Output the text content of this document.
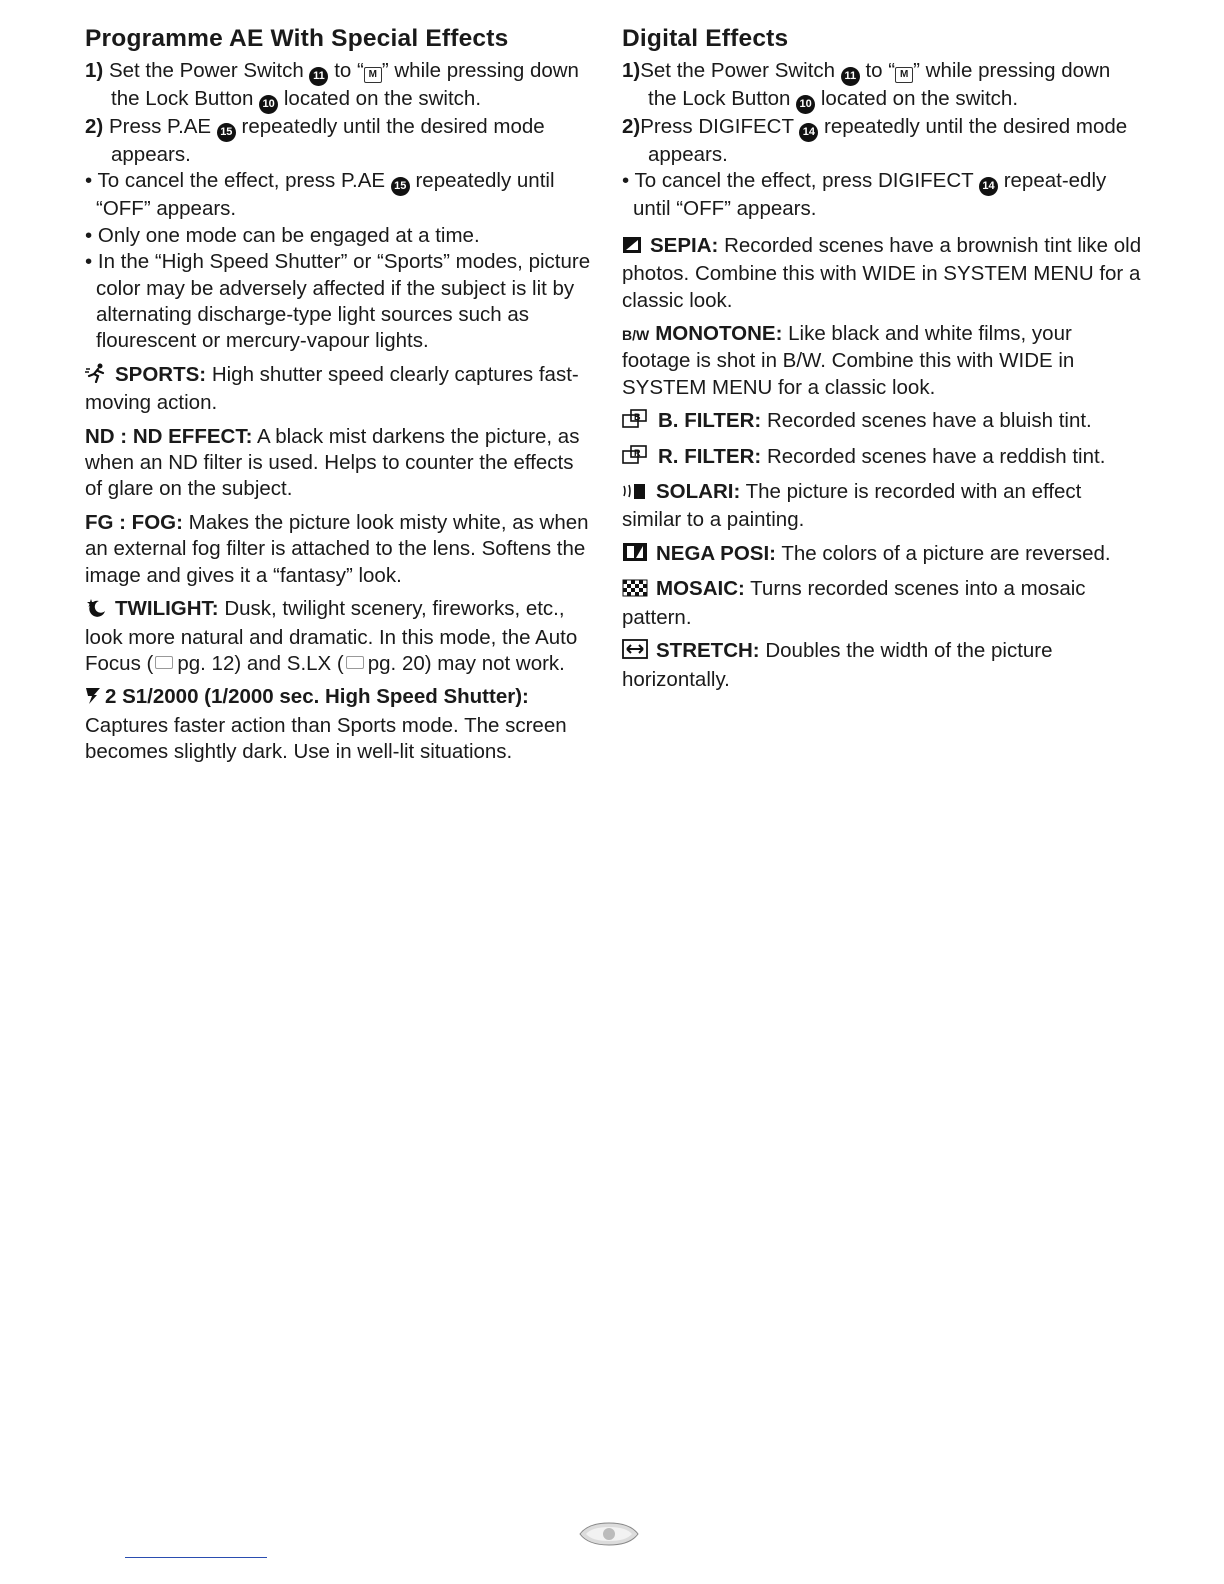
Programme AE With Special Effects

1) Set the Power Switch 11 to “ M ” while pressing down the Lock Button 10 located on the switch.

2) Press P.AE 15 repeatedly until the desired mode appears.

• To cancel the effect, press P.AE 15 repeatedly until “OFF” appears.

• Only one mode can be engaged at a time.

• In the “High Speed Shutter” or “Sports” modes, picture color may be adversely affected if the subject is lit by alternating discharge-type light sources such as flourescent or mercury-vapour lights.

SPORTS: High shutter speed clearly captures fast-moving action.

ND : ND EFFECT: A black mist darkens the picture, as when an ND filter is used. Helps to counter the effects of glare on the subject.

FG : FOG: Makes the picture look misty white, as when an external fog filter is attached to the lens. Softens the image and gives it a “fantasy” look.

TWILIGHT: Dusk, twilight scenery, fireworks, etc., look more natural and dramatic. In this mode, the Auto Focus ( pg. 12) and S.LX ( pg. 20) may not work.

2 S1/2000 (1/2000 sec. High Speed Shutter): Captures faster action than Sports mode. The screen becomes slightly dark. Use in well-lit situations.

Digital Effects

1)Set the Power Switch 11 to “ M ” while pressing down the Lock Button 10 located on the switch.

2)Press DIGIFECT 14 repeatedly until the desired mode appears.

• To cancel the effect, press DIGIFECT 14 repeat-edly until “OFF” appears.

SEPIA: Recorded scenes have a brownish tint like old photos. Combine this with WIDE in SYSTEM MENU for a classic look.

B/W MONOTONE: Like black and white films, your footage is shot in B/W. Combine this with WIDE in SYSTEM MENU for a classic look.

B B. FILTER: Recorded scenes have a bluish tint.

R R. FILTER: Recorded scenes have a reddish tint.

SOLARI: The picture is recorded with an effect similar to a painting.

NEGA POSI: The colors of a picture are reversed.

MOSAIC: Turns recorded scenes into a mosaic pattern.

STRETCH: Doubles the width of the picture horizontally.
